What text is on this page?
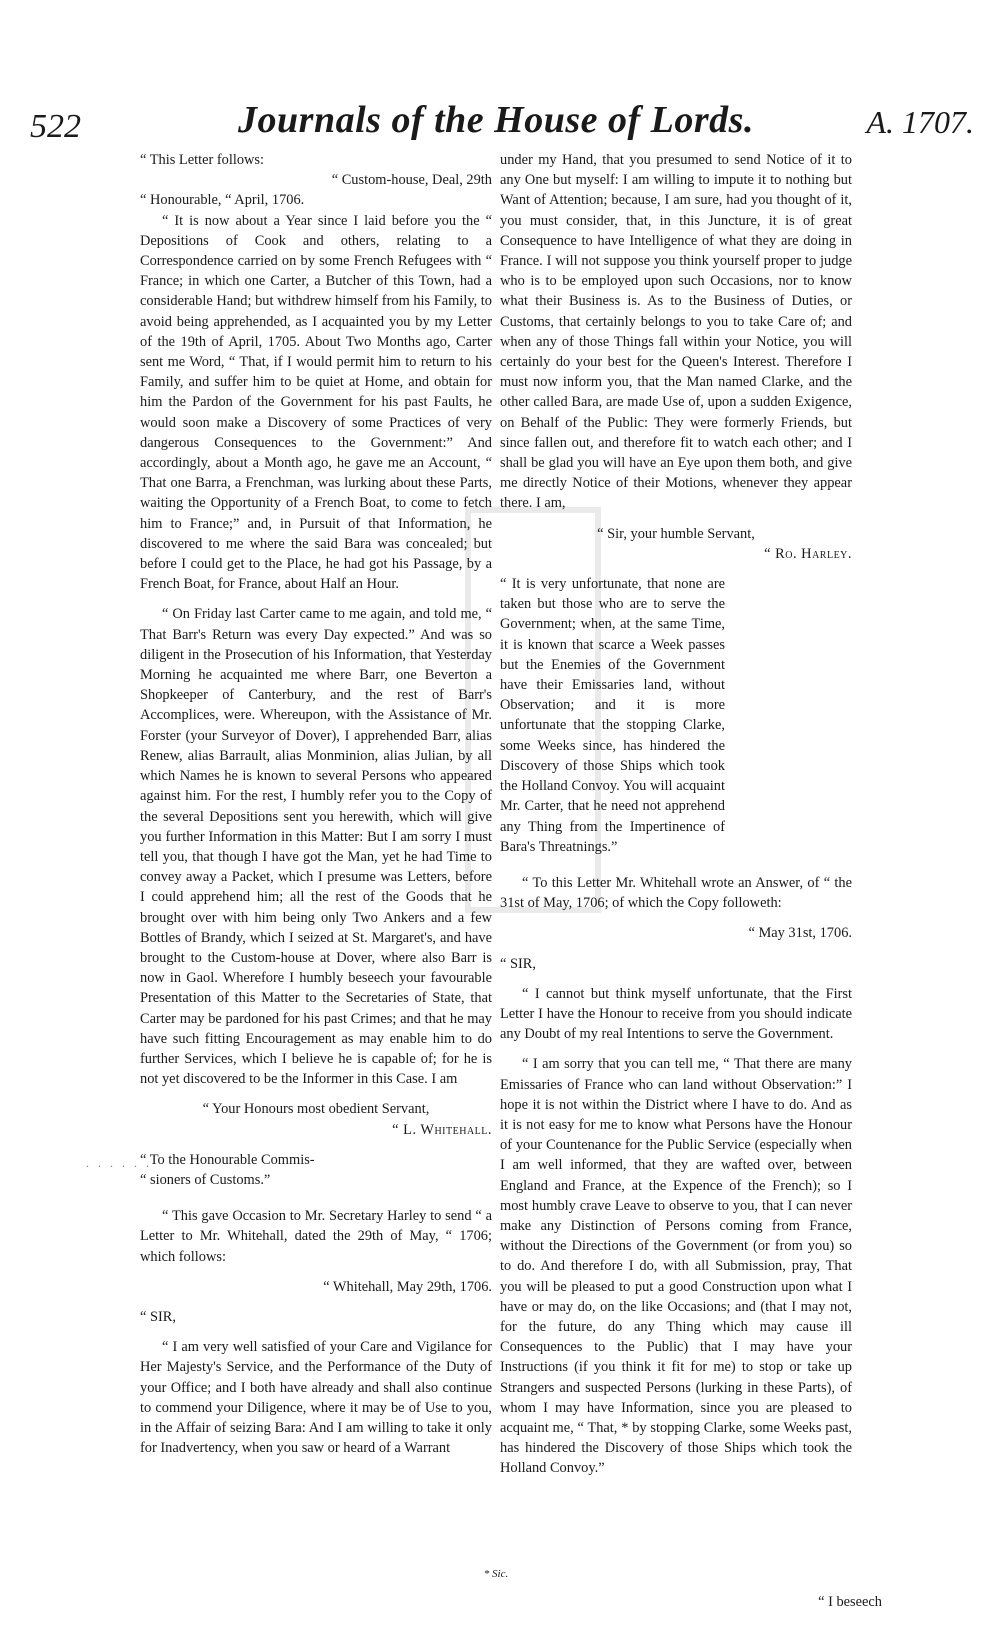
522	Journals of the House of Lords.	A. 1707.

“ This Letter follows:

“ Custom-house, Deal, 29th

“ Honourable, “ April, 1706.

“ It is now about a Year since I laid before you the “ Depositions of Cook and others, relating to a Correspondence carried on by some French Refugees with “ France; in which one Carter, a Butcher of this Town, had a considerable Hand; but withdrew himself from his Family, to avoid being apprehended, as I acquainted you by my Letter of the 19th of April, 1705. About Two Months ago, Carter sent me Word, “ That, if I would permit him to return to his Family, and suffer him to be quiet at Home, and obtain for him the Pardon of the Government for his past Faults, he would soon make a Discovery of some Practices of very dangerous Consequences to the Government:” And accordingly, about a Month ago, he gave me an Account, “ That one Barra, a Frenchman, was lurking about these Parts, waiting the Opportunity of a French Boat, to come to fetch him to France;” and, in Pursuit of that Information, he discovered to me where the said Bara was concealed; but before I could get to the Place, he had got his Passage, by a French Boat, for France, about Half an Hour.

“ On Friday last Carter came to me again, and told me, “ That Barr's Return was every Day expected.” And was so diligent in the Prosecution of his Information, that Yesterday Morning he acquainted me where Barr, one Beverton a Shopkeeper of Canterbury, and the rest of Barr's Accomplices, were. Whereupon, with the Assistance of Mr. Forster (your Surveyor of Dover), I apprehended Barr, alias Renew, alias Barrault, alias Monminion, alias Julian, by all which Names he is known to several Persons who appeared against him. For the rest, I humbly refer you to the Copy of the several Depositions sent you herewith, which will give you further Information in this Matter: But I am sorry I must tell you, that though I have got the Man, yet he had Time to convey away a Packet, which I presume was Letters, before I could apprehend him; all the rest of the Goods that he brought over with him being only Two Ankers and a few Bottles of Brandy, which I seized at St. Margaret's, and have brought to the Custom-house at Dover, where also Barr is now in Gaol. Wherefore I humbly beseech your favourable Presentation of this Matter to the Secretaries of State, that Carter may be pardoned for his past Crimes; and that he may have such fitting Encouragement as may enable him to do further Services, which I believe he is capable of; for he is not yet discovered to be the Informer in this Case. I am

“ Your Honours most obedient Servant,

“ L. Whitehall.

“ To the Honourable Commis-

“ sioners of Customs.”

“ This gave Occasion to Mr. Secretary Harley to send “ a Letter to Mr. Whitehall, dated the 29th of May, “ 1706; which follows:

“ Whitehall, May 29th, 1706.

“ SIR,

“ I am very well satisfied of your Care and Vigilance for Her Majesty's Service, and the Performance of the Duty of your Office; and I both have already and shall also continue to commend your Diligence, where it may be of Use to you, in the Affair of seizing Bara: And I am willing to take it only for Inadvertency, when you saw or heard of a Warrant

under my Hand, that you presumed to send Notice of it to any One but myself: I am willing to impute it to nothing but Want of Attention; because, I am sure, had you thought of it, you must consider, that, in this Juncture, it is of great Consequence to have Intelligence of what they are doing in France. I will not suppose you think yourself proper to judge who is to be employed upon such Occasions, nor to know what their Business is. As to the Business of Duties, or Customs, that certainly belongs to you to take Care of; and when any of those Things fall within your Notice, you will certainly do your best for the Queen's Interest. Therefore I must now inform you, that the Man named Clarke, and the other called Bara, are made Use of, upon a sudden Exigence, on Behalf of the Public: They were formerly Friends, but since fallen out, and therefore fit to watch each other; and I shall be glad you will have an Eye upon them both, and give me directly Notice of their Motions, whenever they appear there. I am,

“ Sir, your humble Servant,

“ Ro. Harley.

“ It is very unfortunate, that none are taken but those who are to serve the Government; when, at the same Time, it is known that scarce a Week passes but the Enemies of the Government have their Emissaries land, without Observation; and it is more unfortunate that the stopping Clarke, some Weeks since, has hindered the Discovery of those Ships which took the Holland Convoy. You will acquaint Mr. Carter, that he need not apprehend any Thing from the Impertinence of Bara's Threatnings.”

“ To this Letter Mr. Whitehall wrote an Answer, of “ the 31st of May, 1706; of which the Copy followeth:

“ May 31st, 1706.

“ SIR,

“ I cannot but think myself unfortunate, that the First Letter I have the Honour to receive from you should indicate any Doubt of my real Intentions to serve the Government.

“ I am sorry that you can tell me, “ That there are many Emissaries of France who can land without Observation:” I hope it is not within the District where I have to do. And as it is not easy for me to know what Persons have the Honour of your Countenance for the Public Service (especially when I am well informed, that they are wafted over, between England and France, at the Expence of the French); so I most humbly crave Leave to observe to you, that I can never make any Distinction of Persons coming from France, without the Directions of the Government (or from you) so to do. And therefore I do, with all Submission, pray, That you will be pleased to put a good Construction upon what I have or may do, on the like Occasions; and (that I may not, for the future, do any Thing which may cause ill Consequences to the Public) that I may have your Instructions (if you think it fit for me) to stop or take up Strangers and suspected Persons (lurking in these Parts), of whom I may have Information, since you are pleased to acquaint me, “ That, * by stopping Clarke, some Weeks past, has hindered the Discovery of those Ships which took the Holland Convoy.”

. . . . . .
* Sic.
“ I beseech
